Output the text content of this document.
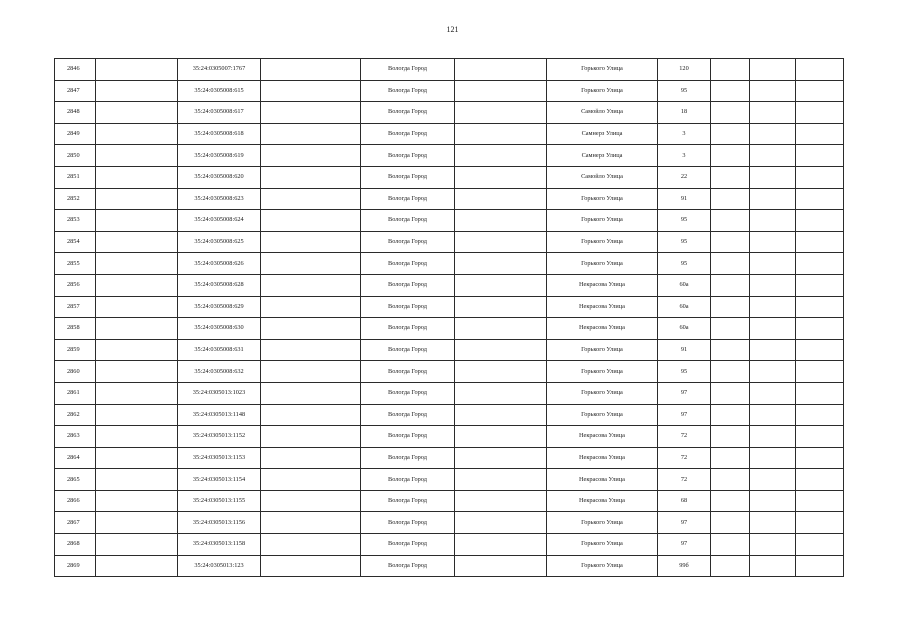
121
2846		35:24:0305007:1767		Вологда Город		Горького Улица	120			
2847		35:24:0305008:615		Вологда Город		Горького Улица	95			
2848		35:24:0305008:617		Вологда Город		Самойло Улица	18			
2849		35:24:0305008:618		Вологда Город		Самнерз Улица	3			
2850		35:24:0305008:619		Вологда Город		Самнерз Улица	3			
2851		35:24:0305008:620		Вологда Город		Самойло Улица	22			
2852		35:24:0305008:623		Вологда Город		Горького Улица	91			
2853		35:24:0305008:624		Вологда Город		Горького Улица	95			
2854		35:24:0305008:625		Вологда Город		Горького Улица	95			
2855		35:24:0305008:626		Вологда Город		Горького Улица	95			
2856		35:24:0305008:628		Вологда Город		Некрасова Улица	60а			
2857		35:24:0305008:629		Вологда Город		Некрасова Улица	60а			
2858		35:24:0305008:630		Вологда Город		Некрасова Улица	60а			
2859		35:24:0305008:631		Вологда Город		Горького Улица	91			
2860		35:24:0305008:632		Вологда Город		Горького Улица	95			
2861		35:24:0305013:1023		Вологда Город		Горького Улица	97			
2862		35:24:0305013:1148		Вологда Город		Горького Улица	97			
2863		35:24:0305013:1152		Вологда Город		Некрасова Улица	72			
2864		35:24:0305013:1153		Вологда Город		Некрасова Улица	72			
2865		35:24:0305013:1154		Вологда Город		Некрасова Улица	72			
2866		35:24:0305013:1155		Вологда Город		Некрасова Улица	68			
2867		35:24:0305013:1156		Вологда Город		Горького Улица	97			
2868		35:24:0305013:1158		Вологда Город		Горького Улица	97			
2869		35:24:0305013:123		Вологда Город		Горького Улица	99б			
